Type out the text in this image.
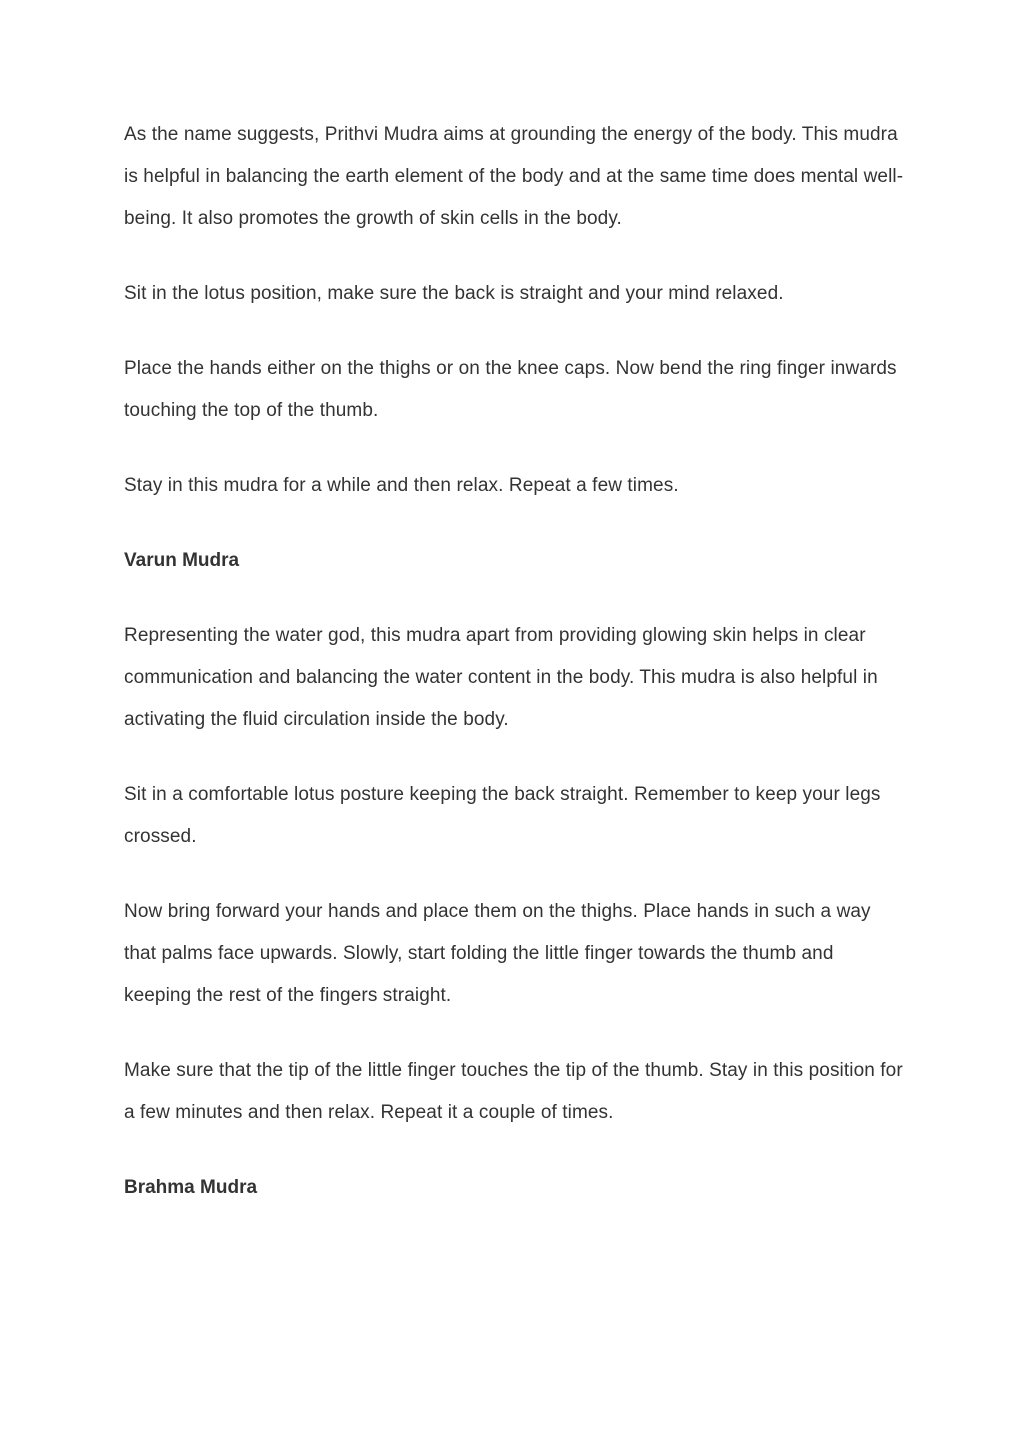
As the name suggests, Prithvi Mudra aims at grounding the energy of the body. This mudra is helpful in balancing the earth element of the body and at the same time does mental well-being. It also promotes the growth of skin cells in the body.

Sit in the lotus position, make sure the back is straight and your mind relaxed.

Place the hands either on the thighs or on the knee caps. Now bend the ring finger inwards touching the top of the thumb.

Stay in this mudra for a while and then relax. Repeat a few times.

Varun Mudra

Representing the water god, this mudra apart from providing glowing skin helps in clear communication and balancing the water content in the body. This mudra is also helpful in activating the fluid circulation inside the body.

Sit in a comfortable lotus posture keeping the back straight. Remember to keep your legs crossed.

Now bring forward your hands and place them on the thighs. Place hands in such a way that palms face upwards. Slowly, start folding the little finger towards the thumb and keeping the rest of the fingers straight.

Make sure that the tip of the little finger touches the tip of the thumb. Stay in this position for a few minutes and then relax. Repeat it a couple of times.

Brahma Mudra
